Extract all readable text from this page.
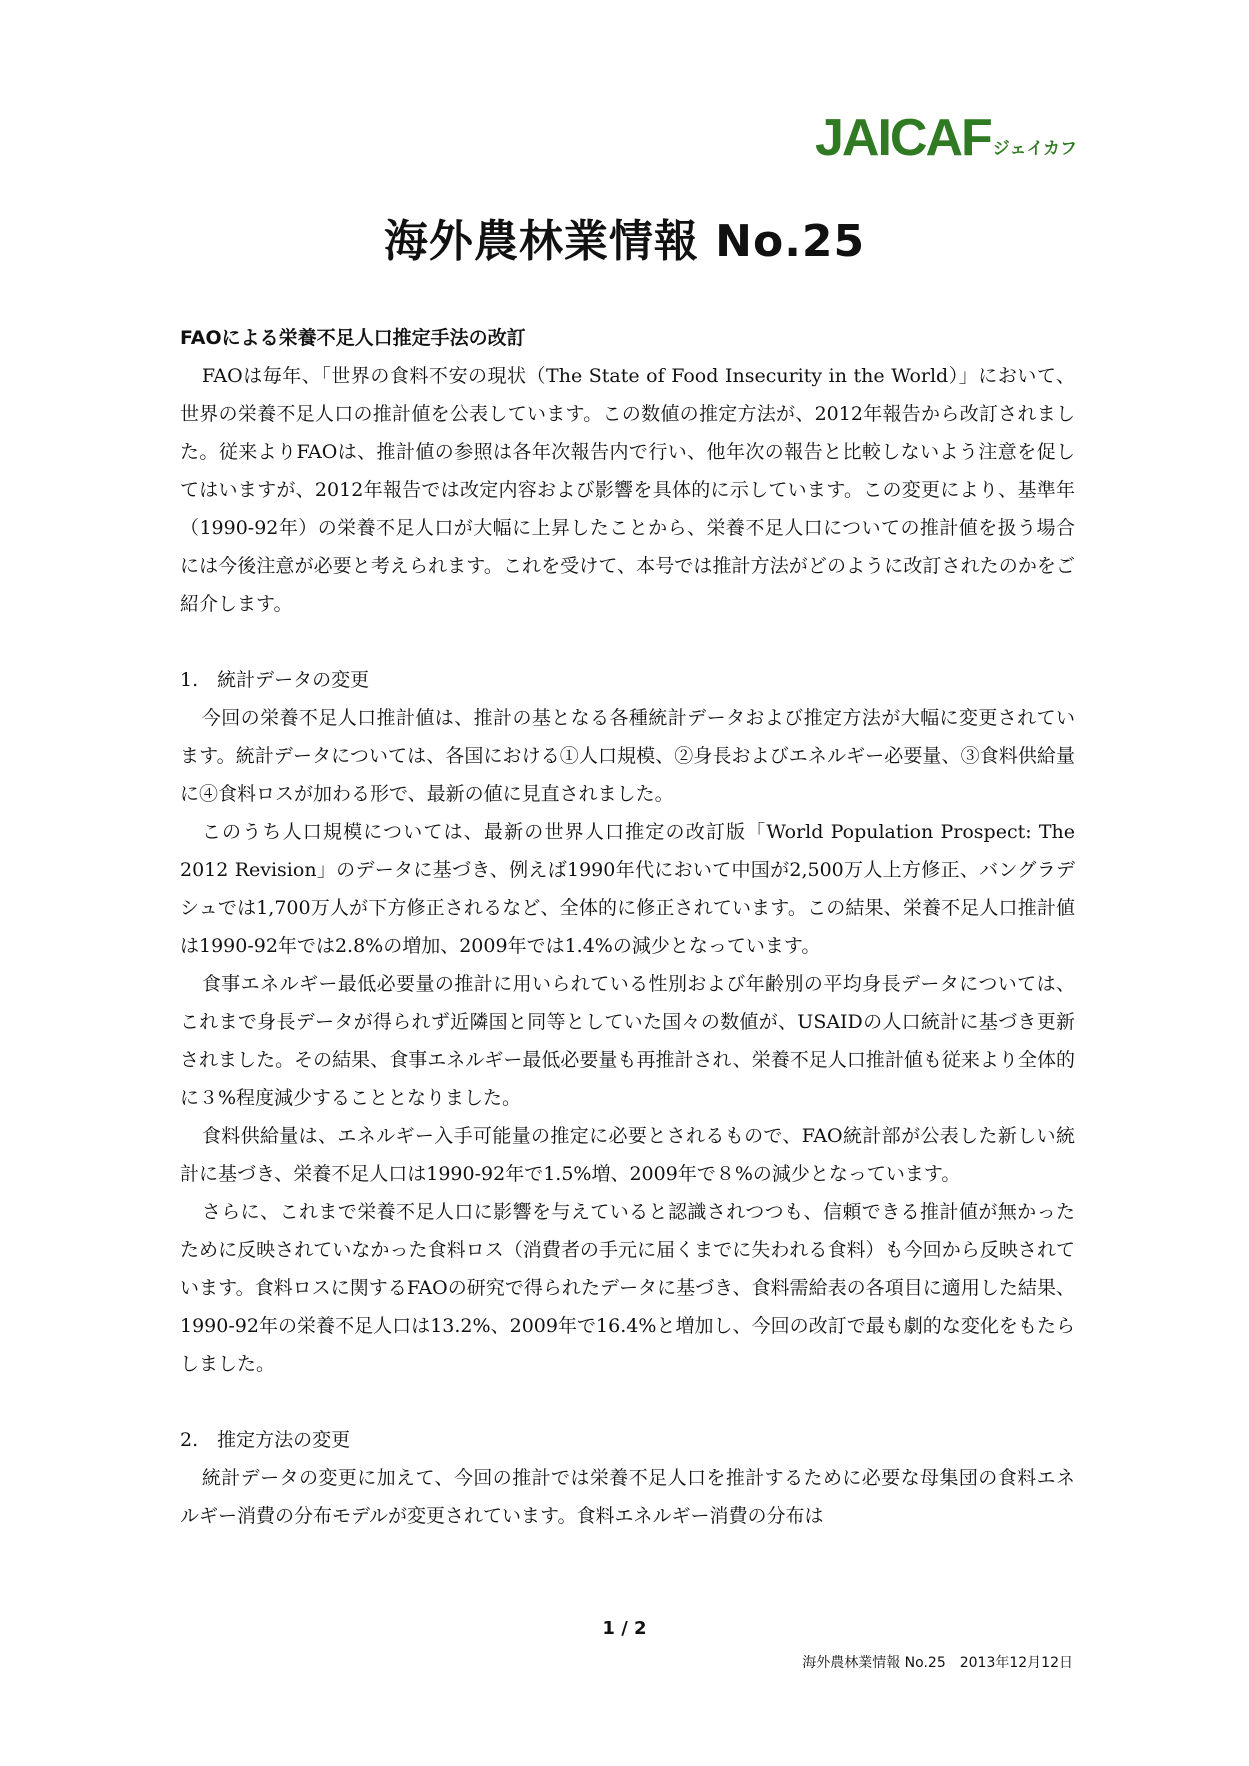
JAICAF ジェイカフ
海外農林業情報 No.25
FAOによる栄養不足人口推定手法の改訂

FAOは毎年、「世界の食料不安の現状（The State of Food Insecurity in the World）」において、世界の栄養不足人口の推計値を公表しています。この数値の推定方法が、2012年報告から改訂されました。従来よりFAOは、推計値の参照は各年次報告内で行い、他年次の報告と比較しないよう注意を促してはいますが、2012年報告では改定内容および影響を具体的に示しています。この変更により、基準年（1990-92年）の栄養不足人口が大幅に上昇したことから、栄養不足人口についての推計値を扱う場合には今後注意が必要と考えられます。これを受けて、本号では推計方法がどのように改訂されたのかをご紹介します。

1.　統計データの変更

今回の栄養不足人口推計値は、推計の基となる各種統計データおよび推定方法が大幅に変更されています。統計データについては、各国における①人口規模、②身長およびエネルギー必要量、③食料供給量に④食料ロスが加わる形で、最新の値に見直されました。

このうち人口規模については、最新の世界人口推定の改訂版「World Population Prospect: The 2012 Revision」のデータに基づき、例えば1990年代において中国が2,500万人上方修正、バングラデシュでは1,700万人が下方修正されるなど、全体的に修正されています。この結果、栄養不足人口推計値は1990-92年では2.8%の増加、2009年では1.4%の減少となっています。

食事エネルギー最低必要量の推計に用いられている性別および年齢別の平均身長データについては、これまで身長データが得られず近隣国と同等としていた国々の数値が、USAIDの人口統計に基づき更新されました。その結果、食事エネルギー最低必要量も再推計され、栄養不足人口推計値も従来より全体的に３%程度減少することとなりました。

食料供給量は、エネルギー入手可能量の推定に必要とされるもので、FAO統計部が公表した新しい統計に基づき、栄養不足人口は1990-92年で1.5%増、2009年で８%の減少となっています。

さらに、これまで栄養不足人口に影響を与えていると認識されつつも、信頼できる推計値が無かったために反映されていなかった食料ロス（消費者の手元に届くまでに失われる食料）も今回から反映されています。食料ロスに関するFAOの研究で得られたデータに基づき、食料需給表の各項目に適用した結果、1990-92年の栄養不足人口は13.2%、2009年で16.4%と増加し、今回の改訂で最も劇的な変化をもたらしました。

2.　推定方法の変更

統計データの変更に加えて、今回の推計では栄養不足人口を推計するために必要な母集団の食料エネルギー消費の分布モデルが変更されています。食料エネルギー消費の分布は

1 / 2

海外農林業情報 No.25　2013年12月12日
